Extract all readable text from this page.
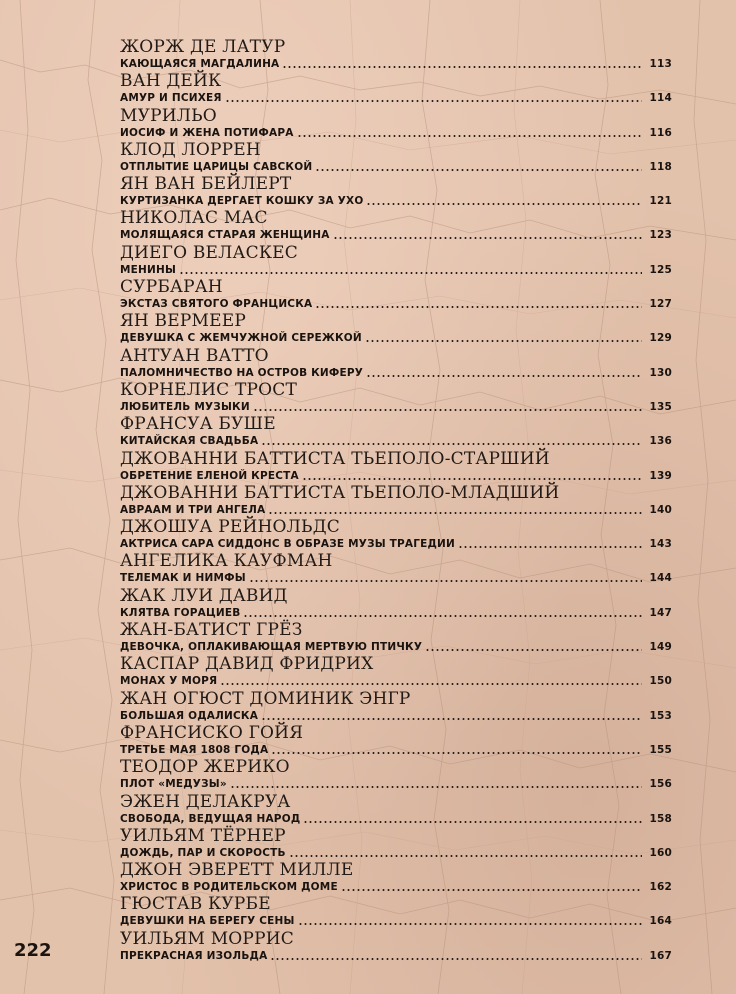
ЖОРЖ ДЕ ЛАТУР
КАЮЩАЯСЯ МАГДАЛИНА	113
ВАН ДЕЙК
АМУР И ПСИХЕЯ	114
МУРИЛЬО
ИОСИФ И ЖЕНА ПОТИФАРА	116
КЛОД ЛОРРЕН
ОТПЛЫТИЕ ЦАРИЦЫ САВСКОЙ	118
ЯН ВАН БЕЙЛЕРТ
КУРТИЗАНКА ДЕРГАЕТ КОШКУ ЗА УХО	121
НИКОЛАС МАС
МОЛЯЩАЯСЯ СТАРАЯ ЖЕНЩИНА	123
ДИЕГО ВЕЛАСКЕС
МЕНИНЫ	125
СУРБАРАН
ЭКСТАЗ СВЯТОГО ФРАНЦИСКА	127
ЯН ВЕРМЕЕР
ДЕВУШКА С ЖЕМЧУЖНОЙ СЕРЕЖКОЙ	129
АНТУАН ВАТТО
ПАЛОМНИЧЕСТВО НА ОСТРОВ КИФЕРУ	130
КОРНЕЛИС ТРОСТ
ЛЮБИТЕЛЬ МУЗЫКИ	135
ФРАНСУА БУШЕ
КИТАЙСКАЯ СВАДЬБА	136
ДЖОВАННИ БАТТИСТА ТЬЕПОЛО-СТАРШИЙ
ОБРЕТЕНИЕ ЕЛЕНОЙ КРЕСТА	139
ДЖОВАННИ БАТТИСТА ТЬЕПОЛО-МЛАДШИЙ
АВРААМ И ТРИ АНГЕЛА	140
ДЖОШУА РЕЙНОЛЬДС
АКТРИСА САРА СИДДОНС В ОБРАЗЕ МУЗЫ ТРАГЕДИИ	143
АНГЕЛИКА КАУФМАН
ТЕЛЕМАК И НИМФЫ	144
ЖАК ЛУИ ДАВИД
КЛЯТВА ГОРАЦИЕВ	147
ЖАН-БАТИСТ ГРЁЗ
ДЕВОЧКА, ОПЛАКИВАЮЩАЯ МЕРТВУЮ ПТИЧКУ	149
КАСПАР ДАВИД ФРИДРИХ
МОНАХ У МОРЯ	150
ЖАН ОГЮСТ ДОМИНИК ЭНГР
БОЛЬШАЯ ОДАЛИСКА	153
ФРАНСИСКО ГОЙЯ
ТРЕТЬЕ МАЯ 1808 ГОДА	155
ТЕОДОР ЖЕРИКО
ПЛОТ «МЕДУЗЫ»	156
ЭЖЕН ДЕЛАКРУА
СВОБОДА, ВЕДУЩАЯ НАРОД	158
УИЛЬЯМ ТЁРНЕР
ДОЖДЬ, ПАР И СКОРОСТЬ	160
ДЖОН ЭВЕРЕТТ МИЛЛЕ
ХРИСТОС В РОДИТЕЛЬСКОМ ДОМЕ	162
ГЮСТАВ КУРБЕ
ДЕВУШКИ НА БЕРЕГУ СЕНЫ	164
УИЛЬЯМ МОРРИС
ПРЕКРАСНАЯ ИЗОЛЬДА	167
222
